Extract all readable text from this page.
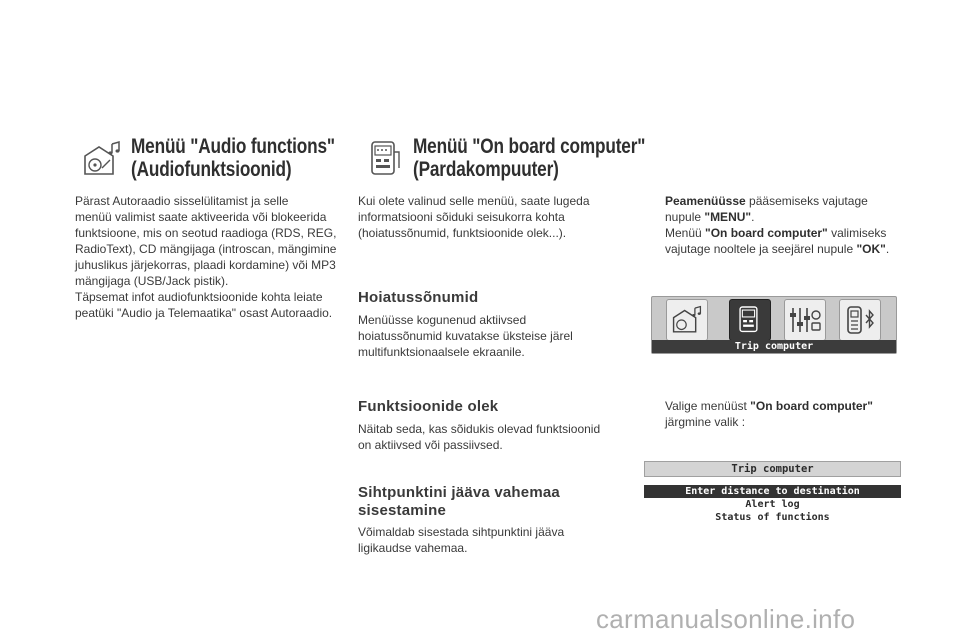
Menüü "Audio functions"
(Audiofunktsioonid)

Pärast Autoraadio sisselülitamist ja selle

menüü valimist saate aktiveerida või blokeerida

funktsioone, mis on seotud raadioga (RDS, REG,

RadioText), CD mängijaga (introscan, mängimine

juhuslikus järjekorras, plaadi kordamine) või MP3

mängijaga (USB/Jack pistik).

Täpsemat infot audiofunktsioonide kohta leiate

peatüki "Audio ja Telemaatika" osast Autoraadio.

Menüü "On board computer"
(Pardakompuuter)

Kui olete valinud selle menüü, saate lugeda

informatsiooni sõiduki seisukorra kohta

(hoiatussõnumid, funktsioonide olek...).

Hoiatussõnumid

Menüüsse kogunenud aktiivsed

hoiatussõnumid kuvatakse üksteise järel

multifunktsionaalsele ekraanile.

Funktsioonide olek

Näitab seda, kas sõidukis olevad funktsioonid

on aktiivsed või passiivsed.

Sihtpunktini jääva vahemaa
sisestamine

Võimaldab sisestada sihtpunktini jääva

ligikaudse vahemaa.

Peamenüüsse pääsemiseks vajutage
nupule "MENU".
Menüü "On board computer" valimiseks
vajutage nooltele ja seejärel nupule "OK".
Trip computer
Valige menüüst "On board computer"
järgmine valik :
Trip computer
Enter distance to destination
Alert log
Status of functions
carmanualsonline.info
